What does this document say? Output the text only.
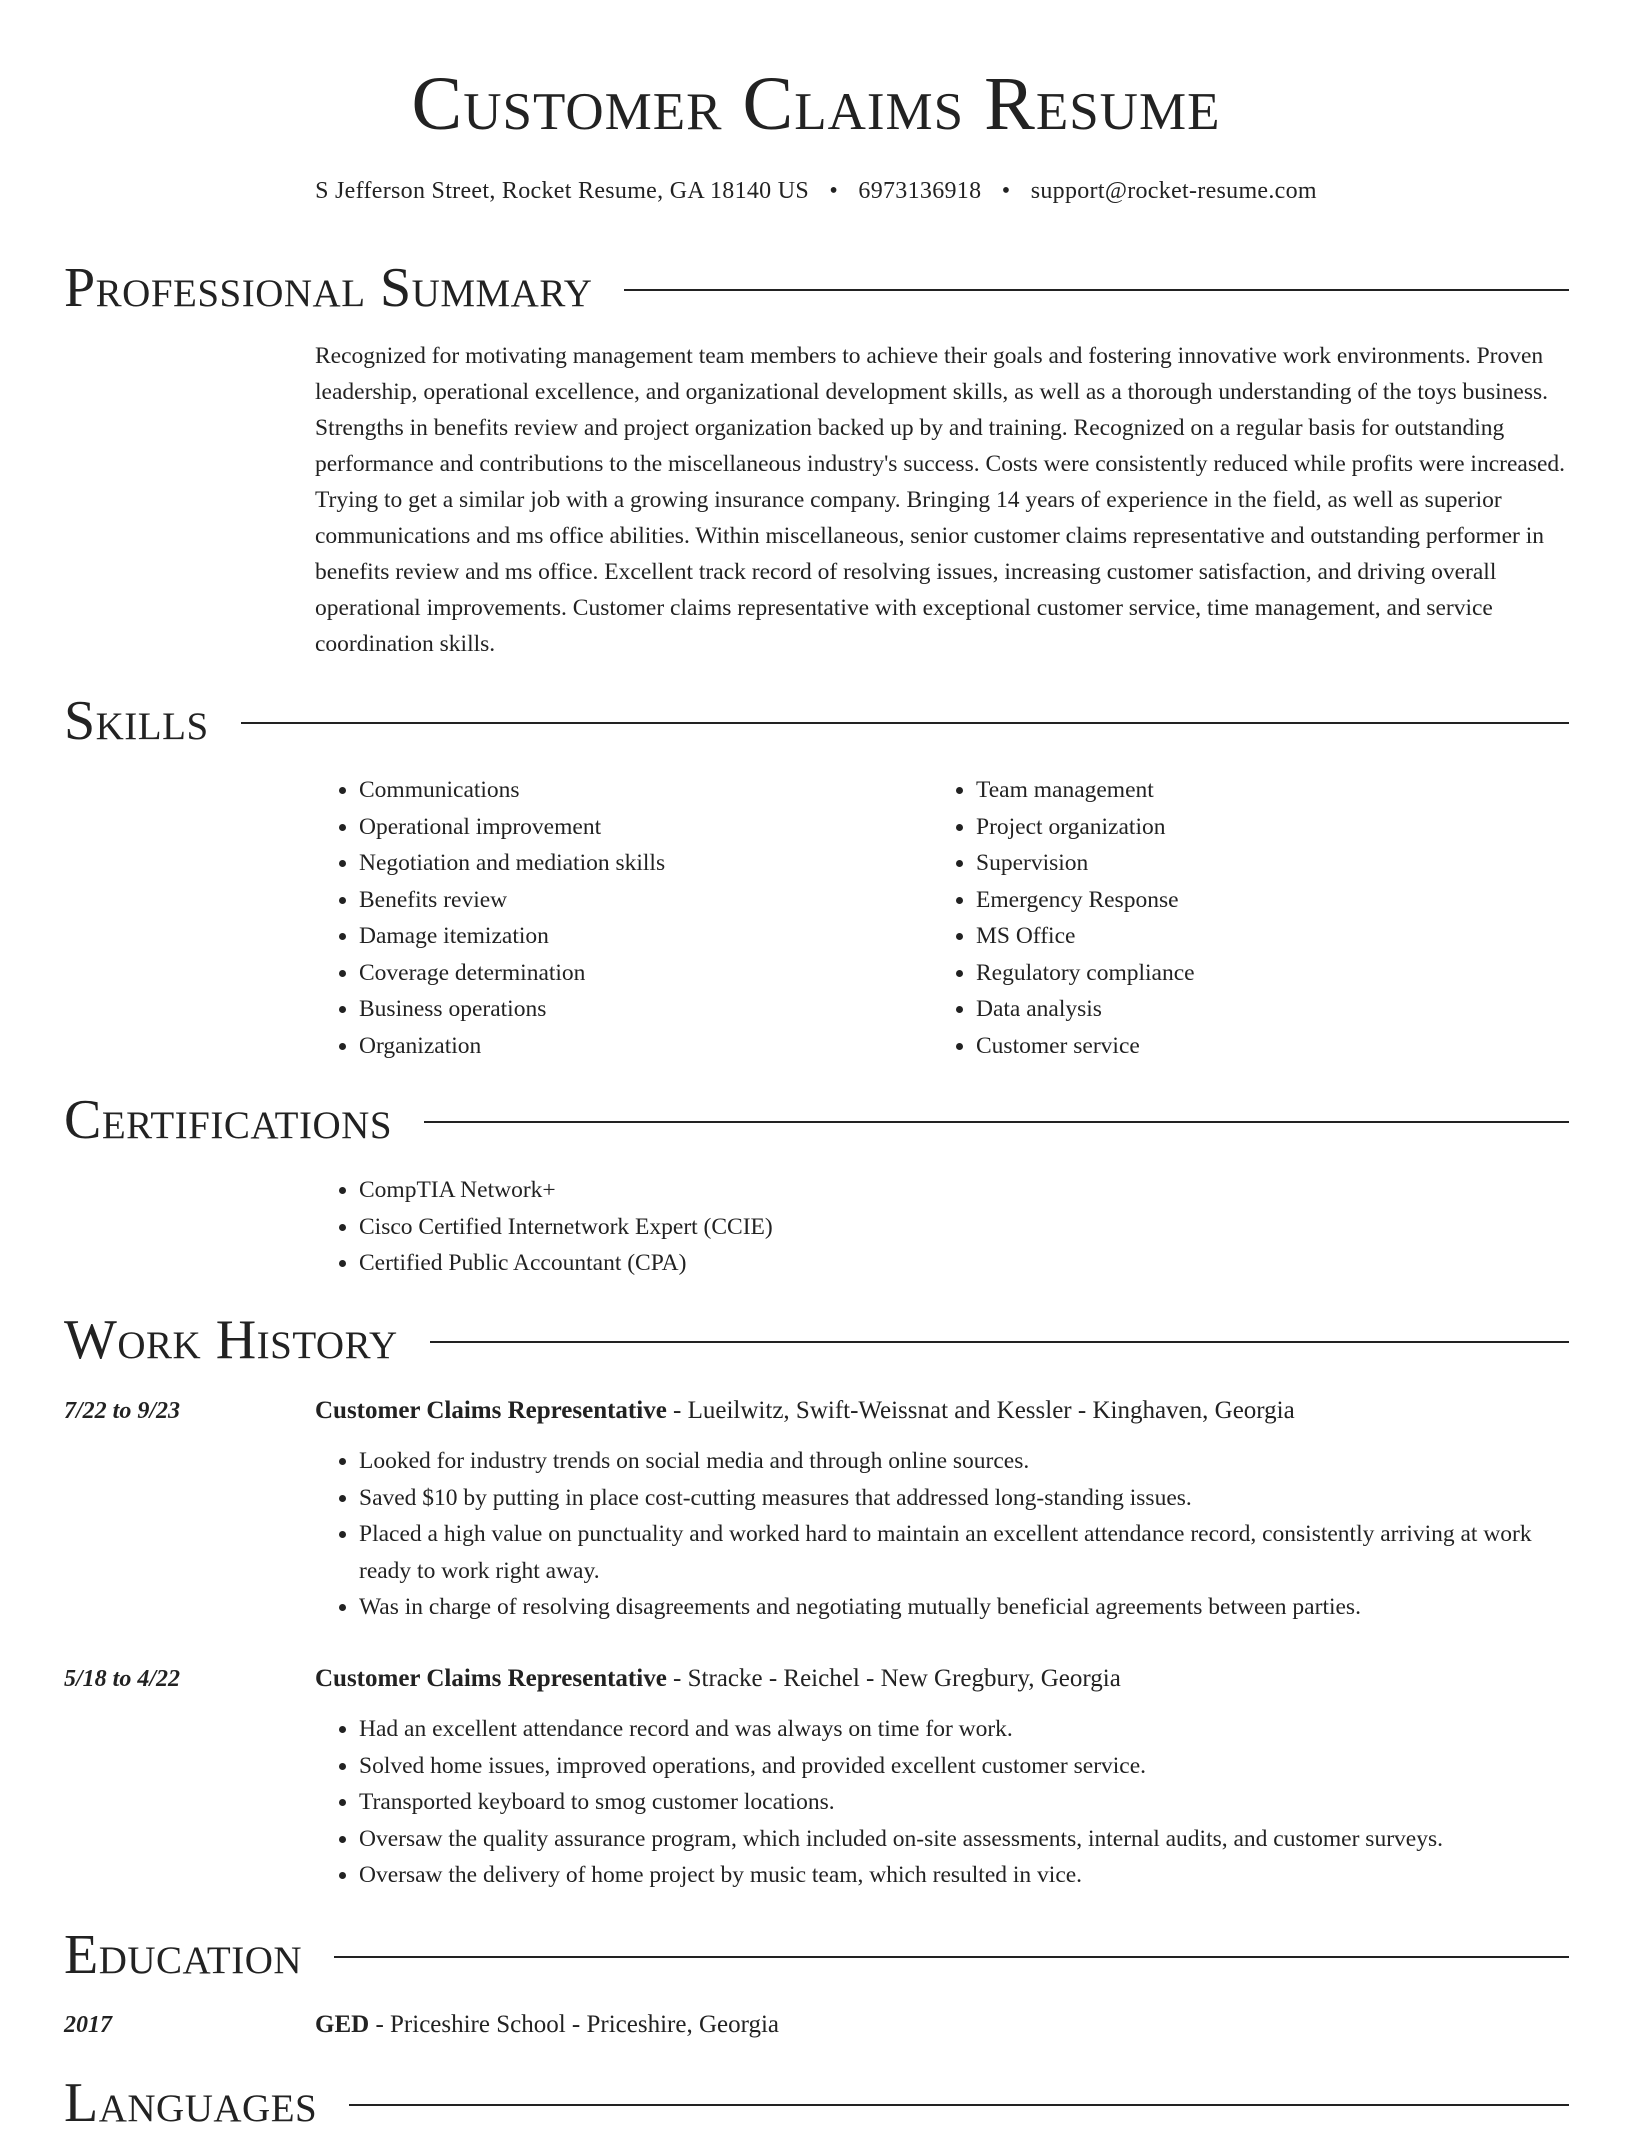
Customer Claims Resume
S Jefferson Street, Rocket Resume, GA 18140 US • 6973136918 • support@rocket-resume.com
Professional Summary

Recognized for motivating management team members to achieve their goals and fostering innovative work environments. Proven leadership, operational excellence, and organizational development skills, as well as a thorough understanding of the toys business. Strengths in benefits review and project organization backed up by and training. Recognized on a regular basis for outstanding performance and contributions to the miscellaneous industry's success. Costs were consistently reduced while profits were increased. Trying to get a similar job with a growing insurance company. Bringing 14 years of experience in the field, as well as superior communications and ms office abilities. Within miscellaneous, senior customer claims representative and outstanding performer in benefits review and ms office. Excellent track record of resolving issues, increasing customer satisfaction, and driving overall operational improvements. Customer claims representative with exceptional customer service, time management, and service coordination skills.

Skills
• Communications
• Operational improvement
• Negotiation and mediation skills
• Benefits review
• Damage itemization
• Coverage determination
• Business operations
• Organization
• Team management
• Project organization
• Supervision
• Emergency Response
• MS Office
• Regulatory compliance
• Data analysis
• Customer service
Certifications
• CompTIA Network+
• Cisco Certified Internetwork Expert (CCIE)
• Certified Public Accountant (CPA)
Work History
7/22 to 9/23	Customer Claims Representative - Lueilwitz, Swift-Weissnat and Kessler - Kinghaven, Georgia
• Looked for industry trends on social media and through online sources.
• Saved $10 by putting in place cost-cutting measures that addressed long-standing issues.
• Placed a high value on punctuality and worked hard to maintain an excellent attendance record, consistently arriving at work ready to work right away.
• Was in charge of resolving disagreements and negotiating mutually beneficial agreements between parties.
5/18 to 4/22	Customer Claims Representative - Stracke - Reichel - New Gregbury, Georgia
• Had an excellent attendance record and was always on time for work.
• Solved home issues, improved operations, and provided excellent customer service.
• Transported keyboard to smog customer locations.
• Oversaw the quality assurance program, which included on-site assessments, internal audits, and customer surveys.
• Oversaw the delivery of home project by music team, which resulted in vice.
Education
2017	GED - Priceshire School - Priceshire, Georgia
Languages
